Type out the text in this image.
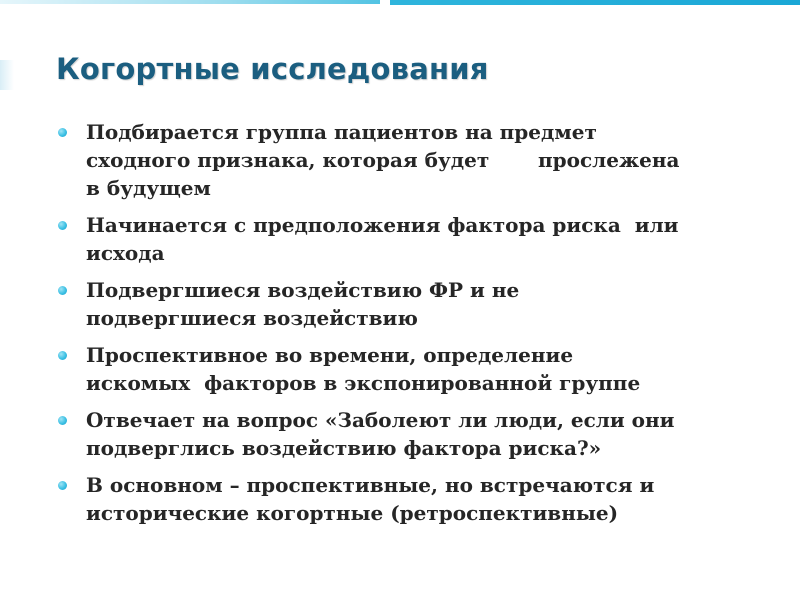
Когортные исследования
Подбирается группа пациентов на предмет
сходного признака, которая будет       прослежена
в будущем
Начинается с предположения фактора риска  или
исхода
Подвергшиеся воздействию ФР и не
подвергшиеся воздействию
Проспективное во времени, определение
искомых  факторов в экспонированной группе
Отвечает на вопрос «Заболеют ли люди, если они
подверглись воздействию фактора риска?»
В основном – проспективные, но встречаются и
исторические когортные (ретроспективные)
